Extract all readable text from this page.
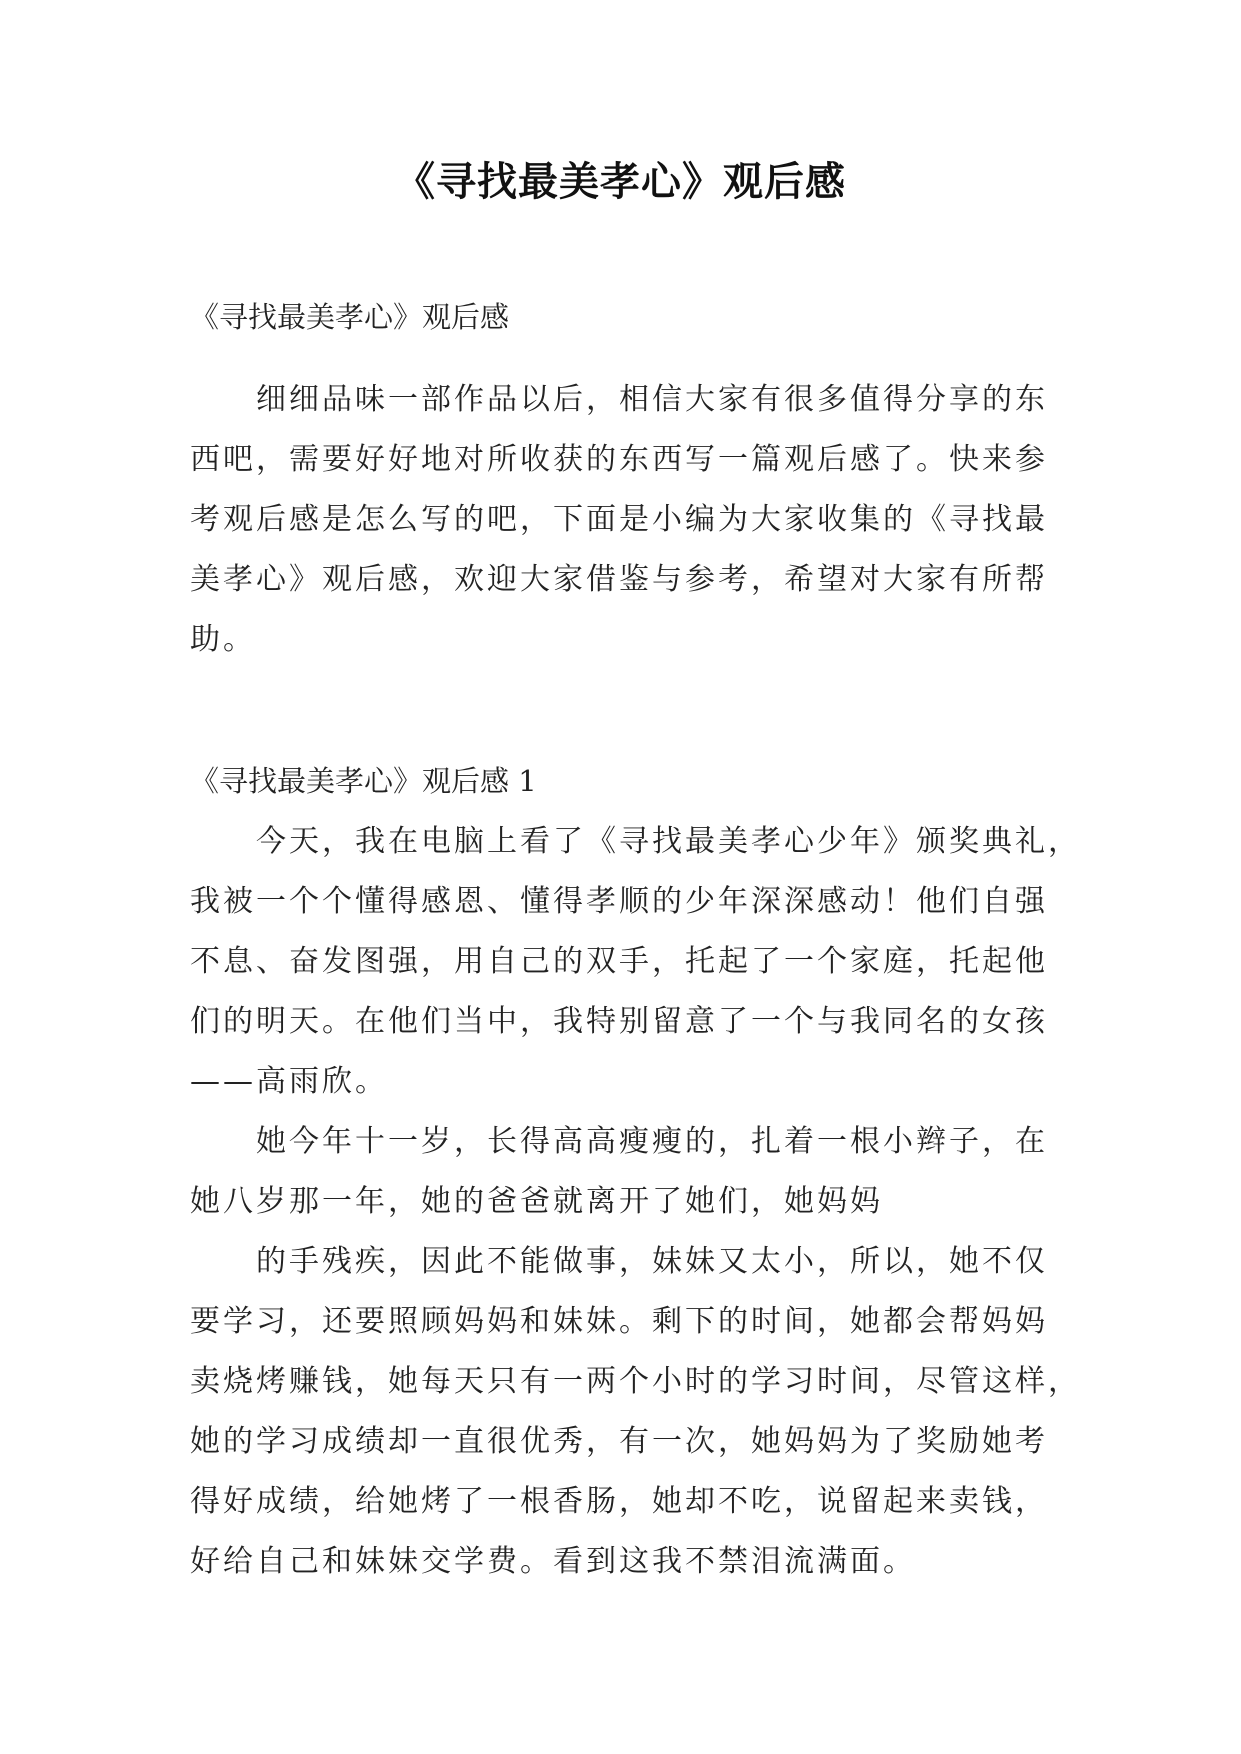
《寻找最美孝心》观后感

《寻找最美孝心》观后感

细细品味一部作品以后，相信大家有很多值得分享的东
西吧，需要好好地对所收获的东西写一篇观后感了。快来参
考观后感是怎么写的吧，下面是小编为大家收集的《寻找最
美孝心》观后感，欢迎大家借鉴与参考，希望对大家有所帮
助。

《寻找最美孝心》观后感 1

今天，我在电脑上看了《寻找最美孝心少年》颁奖典礼，
我被一个个懂得感恩、懂得孝顺的少年深深感动！他们自强
不息、奋发图强，用自己的双手，托起了一个家庭，托起他
们的明天。在他们当中，我特别留意了一个与我同名的女孩
——高雨欣。
她今年十一岁，长得高高瘦瘦的，扎着一根小辫子，在
她八岁那一年，她的爸爸就离开了她们，她妈妈
的手残疾，因此不能做事，妹妹又太小，所以，她不仅
要学习，还要照顾妈妈和妹妹。剩下的时间，她都会帮妈妈
卖烧烤赚钱，她每天只有一两个小时的学习时间，尽管这样，
她的学习成绩却一直很优秀，有一次，她妈妈为了奖励她考
得好成绩，给她烤了一根香肠，她却不吃，说留起来卖钱，
好给自己和妹妹交学费。看到这我不禁泪流满面。
